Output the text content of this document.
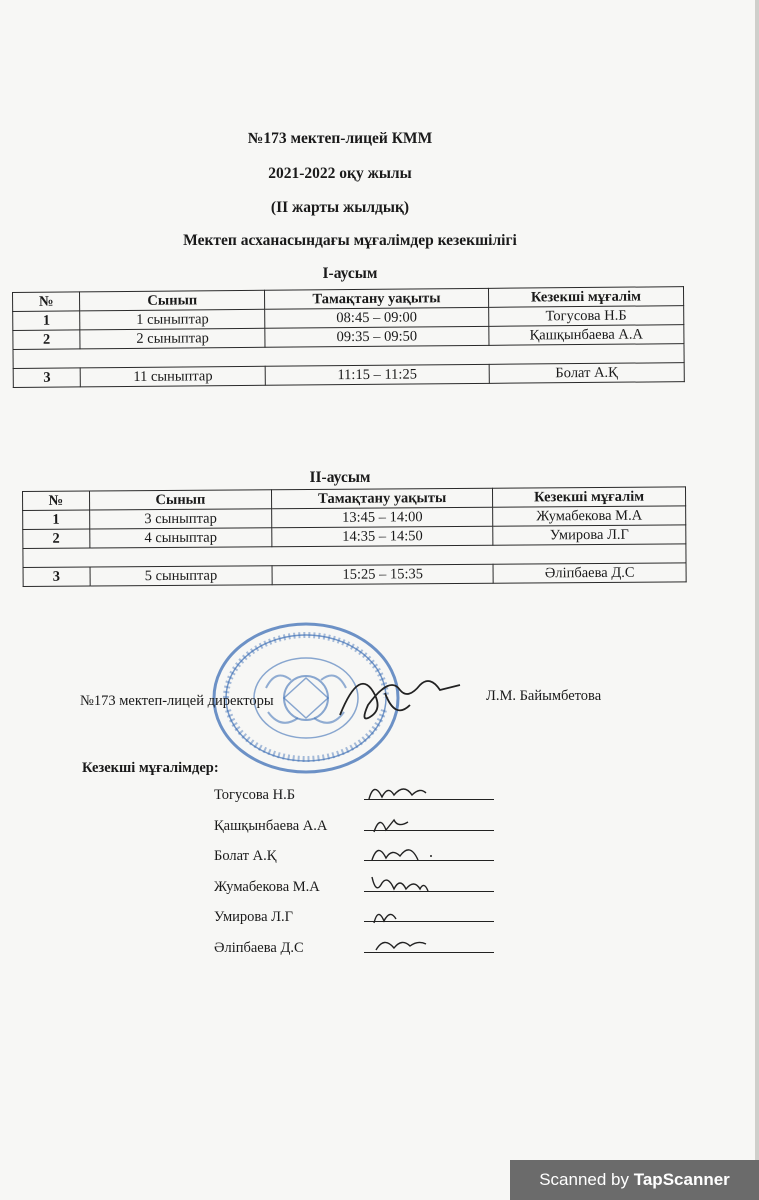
№173 мектеп-лицей КММ
2021-2022 оқу жылы
(ІІ жарты жылдық)
Мектеп асханасындағы мұғалімдер кезекшілігі
І-аусым
№	Сынып	Тамақтану уақыты	Кезекші мұғалім
1	1 сыныптар	08:45 – 09:00	Тогусова Н.Б
2	2 сыныптар	09:35 – 09:50	Қашқынбаева А.А

3	11 сыныптар	11:15 – 11:25	Болат А.Қ
ІІ-аусым
№	Сынып	Тамақтану уақыты	Кезекші мұғалім
1	3 сыныптар	13:45 – 14:00	Жумабекова М.А
2	4 сыныптар	14:35 – 14:50	Умирова Л.Г

3	5 сыныптар	15:25 – 15:35	Әліпбаева Д.С
№173 мектеп-лицей директоры	Л.М. Байымбетова
Кезекші мұғалімдер:
Тогусова Н.Б
Қашқынбаева А.А
Болат А.Қ
Жумабекова М.А
Умирова Л.Г
Әліпбаева Д.С
Scanned by TapScanner
